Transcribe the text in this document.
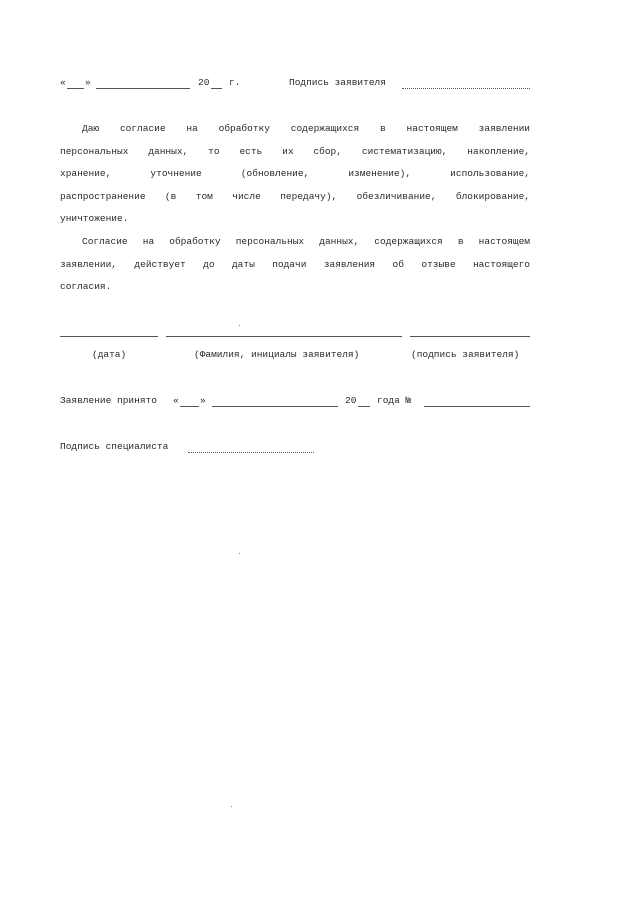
« »	20 г.	Подпись заявителя
Даю согласие на обработку содержащихся в настоящем заявлении
персональных данных, то есть их сбор, систематизацию, накопление,
хранение, уточнение (обновление, изменение), использование,
распространение (в том числе передачу), обезличивание, блокирование,
уничтожение.
Согласие на обработку персональных данных, содержащихся в настоящем
заявлении, действует до даты подачи заявления об отзыве настоящего
согласия.
(дата)	(Фамилия, инициалы заявителя)	(подпись заявителя)
Заявление принято « »	20 года №
Подпись специалиста
